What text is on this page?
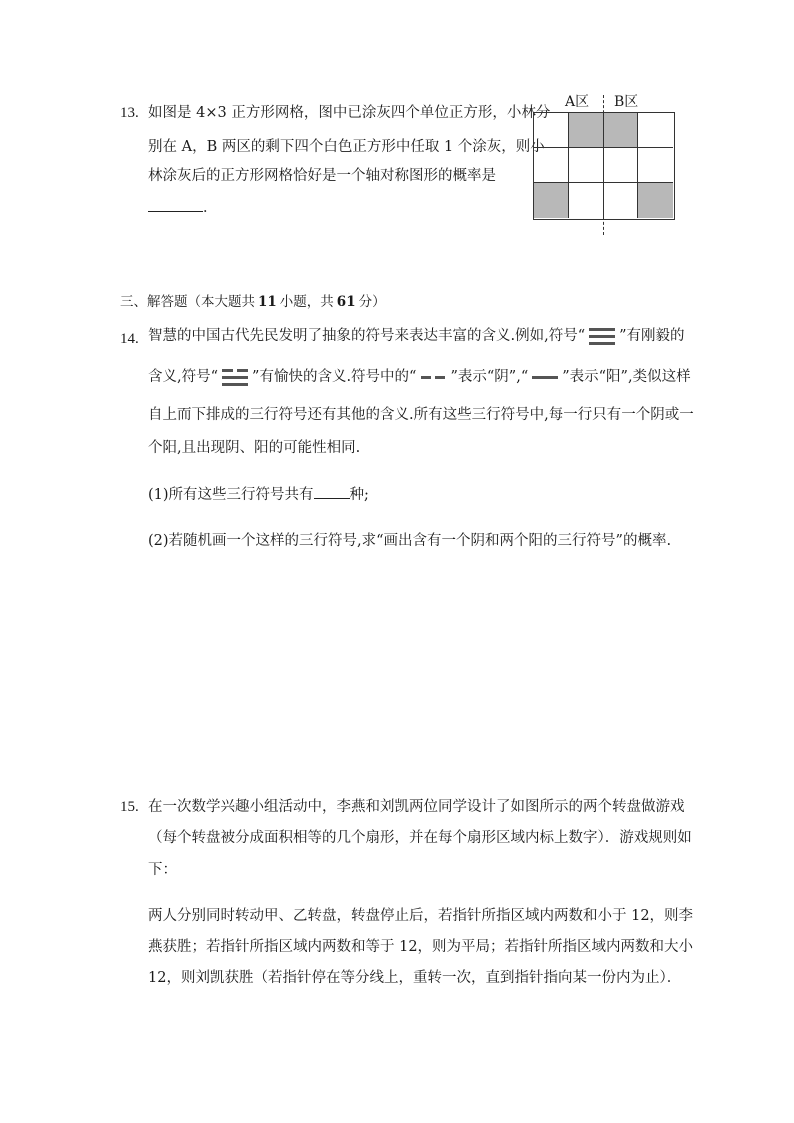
13. 如图是 4×3 正方形网格，图中已涂灰四个单位正方形，小林分
别在 A，B 两区的剩下四个白色正方形中任取 1 个涂灰，则小
林涂灰后的正方形网格恰好是一个轴对称图形的概率是
．
A区 B区
三、解答题（本大题共 11 小题，共 61 分）
14. 智慧的中国古代先民发明了抽象的符号来表达丰富的含义.例如,符号“ ”有刚毅的
含义,符号“ ”有愉快的含义.符号中的“ ”表示“阴”,“ ”表示“阳”,类似这样
自上而下排成的三行符号还有其他的含义.所有这些三行符号中,每一行只有一个阴或一
个阳,且出现阴、阳的可能性相同.
(1)所有这些三行符号共有 种;
(2)若随机画一个这样的三行符号,求“画出含有一个阴和两个阳的三行符号”的概率.
15. 在一次数学兴趣小组活动中，李燕和刘凯两位同学设计了如图所示的两个转盘做游戏
（每个转盘被分成面积相等的几个扇形，并在每个扇形区域内标上数字）．游戏规则如
下：
两人分别同时转动甲、乙转盘，转盘停止后，若指针所指区域内两数和小于 12，则李
燕获胜；若指针所指区域内两数和等于 12，则为平局；若指针所指区域内两数和大小
12，则刘凯获胜（若指针停在等分线上，重转一次，直到指针指向某一份内为止）．
